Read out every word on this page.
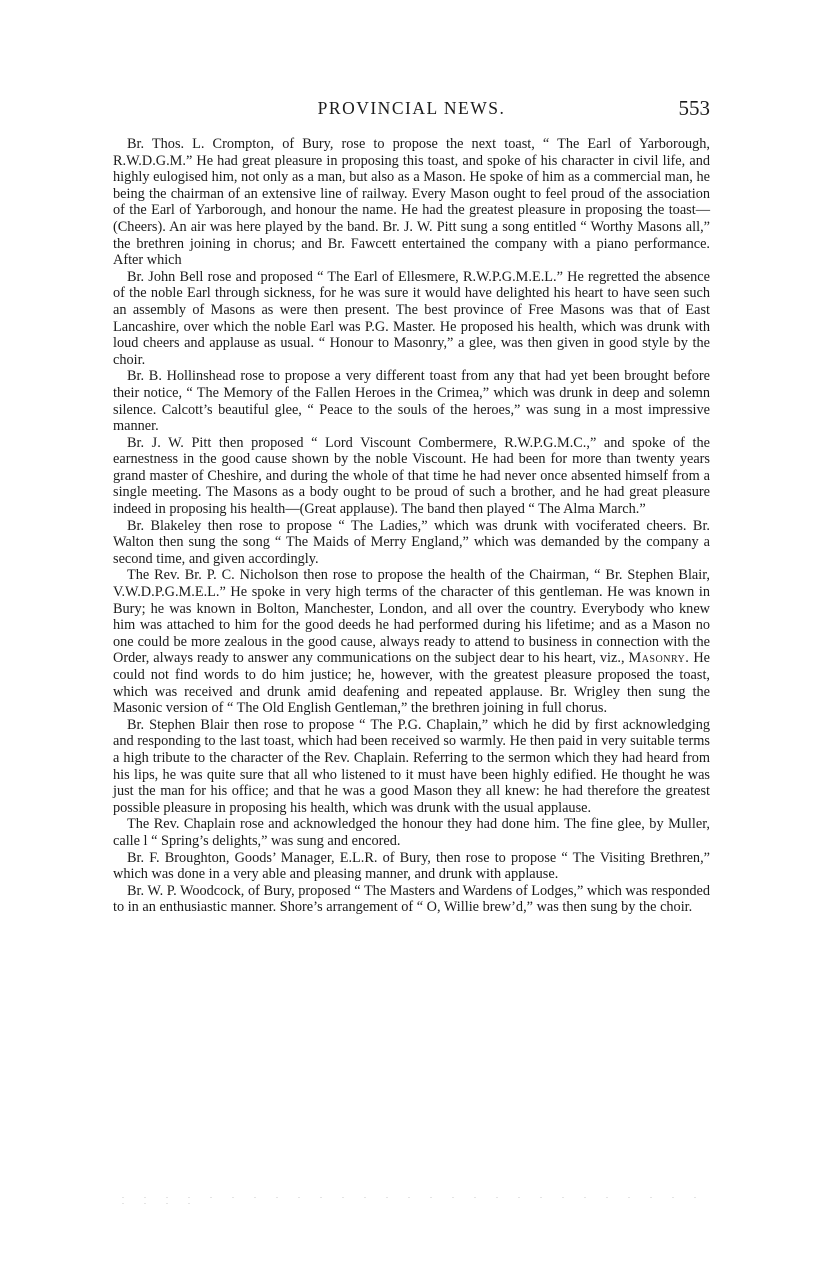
PROVINCIAL NEWS.	553

Br. Thos. L. Crompton, of Bury, rose to propose the next toast, “ The Earl of Yarborough, R.W.D.G.M.” He had great pleasure in proposing this toast, and spoke of his character in civil life, and highly eulogised him, not only as a man, but also as a Mason. He spoke of him as a commercial man, he being the chairman of an extensive line of railway. Every Mason ought to feel proud of the association of the Earl of Yarborough, and honour the name. He had the greatest pleasure in proposing the toast—(Cheers). An air was here played by the band. Br. J. W. Pitt sung a song entitled “ Worthy Masons all,” the brethren joining in chorus; and Br. Fawcett entertained the company with a piano performance. After which

Br. John Bell rose and proposed “ The Earl of Ellesmere, R.W.P.G.M.E.L.” He regretted the absence of the noble Earl through sickness, for he was sure it would have delighted his heart to have seen such an assembly of Masons as were then present. The best province of Free Masons was that of East Lancashire, over which the noble Earl was P.G. Master. He proposed his health, which was drunk with loud cheers and applause as usual. “ Honour to Masonry,” a glee, was then given in good style by the choir.

Br. B. Hollinshead rose to propose a very different toast from any that had yet been brought before their notice, “ The Memory of the Fallen Heroes in the Crimea,” which was drunk in deep and solemn silence. Calcott’s beautiful glee, “ Peace to the souls of the heroes,” was sung in a most impressive manner.

Br. J. W. Pitt then proposed “ Lord Viscount Combermere, R.W.P.G.M.C.,” and spoke of the earnestness in the good cause shown by the noble Viscount. He had been for more than twenty years grand master of Cheshire, and during the whole of that time he had never once absented himself from a single meeting. The Masons as a body ought to be proud of such a brother, and he had great pleasure indeed in proposing his health—(Great applause). The band then played “ The Alma March.”

Br. Blakeley then rose to propose “ The Ladies,” which was drunk with vociferated cheers. Br. Walton then sung the song “ The Maids of Merry England,” which was demanded by the company a second time, and given accordingly.

The Rev. Br. P. C. Nicholson then rose to propose the health of the Chairman, “ Br. Stephen Blair, V.W.D.P.G.M.E.L.” He spoke in very high terms of the character of this gentleman. He was known in Bury; he was known in Bolton, Manchester, London, and all over the country. Everybody who knew him was attached to him for the good deeds he had performed during his lifetime; and as a Mason no one could be more zealous in the good cause, always ready to attend to business in connection with the Order, always ready to answer any communications on the subject dear to his heart, viz., Masonry. He could not find words to do him justice; he, however, with the greatest pleasure proposed the toast, which was received and drunk amid deafening and repeated applause. Br. Wrigley then sung the Masonic version of “ The Old English Gentleman,” the brethren joining in full chorus.

Br. Stephen Blair then rose to propose “ The P.G. Chaplain,” which he did by first acknowledging and responding to the last toast, which had been received so warmly. He then paid in very suitable terms a high tribute to the character of the Rev. Chaplain. Referring to the sermon which they had heard from his lips, he was quite sure that all who listened to it must have been highly edified. He thought he was just the man for his office; and that he was a good Mason they all knew: he had therefore the greatest possible pleasure in proposing his health, which was drunk with the usual applause.

The Rev. Chaplain rose and acknowledged the honour they had done him. The fine glee, by Muller, calle l “ Spring’s delights,” was sung and encored.

Br. F. Broughton, Goods’ Manager, E.L.R. of Bury, then rose to propose “ The Visiting Brethren,” which was done in a very able and pleasing manner, and drunk with applause.

Br. W. P. Woodcock, of Bury, proposed “ The Masters and Wardens of Lodges,” which was responded to in an enthusiastic manner. Shore’s arrangement of “ O, Willie brew’d,” was then sung by the choir.

. . . . . . . . . . . . . . . . . . . . . . . . . . . . . . .
